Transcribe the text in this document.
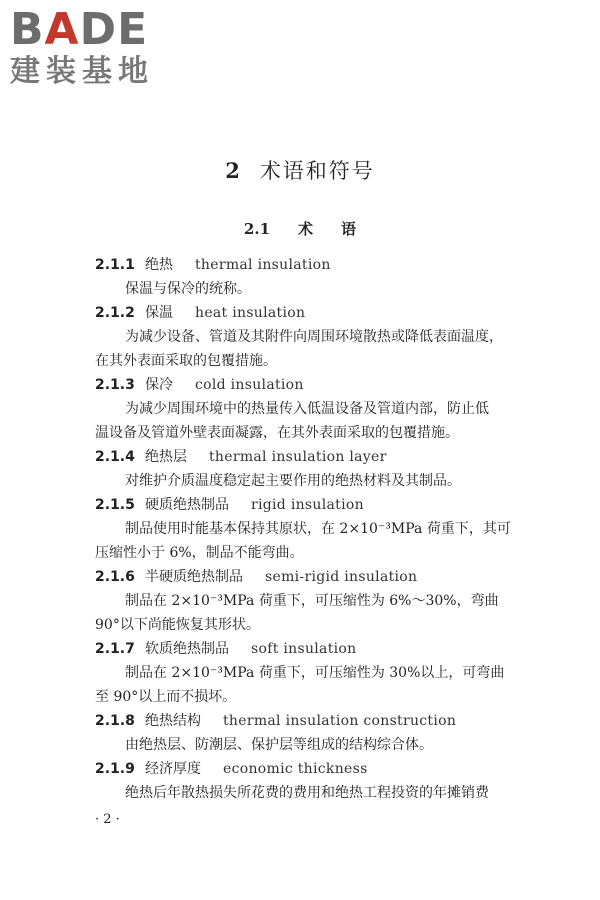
BADE
建装基地
2 术语和符号
2.1 术 语
2.1.1 绝热 thermal insulation
保温与保冷的统称。
2.1.2 保温 heat insulation
为减少设备、管道及其附件向周围环境散热或降低表面温度，
在其外表面采取的包覆措施。
2.1.3 保冷 cold insulation
为减少周围环境中的热量传入低温设备及管道内部，防止低
温设备及管道外壁表面凝露，在其外表面采取的包覆措施。
2.1.4 绝热层 thermal insulation layer
对维护介质温度稳定起主要作用的绝热材料及其制品。
2.1.5 硬质绝热制品 rigid insulation
制品使用时能基本保持其原状，在 2×10⁻³MPa 荷重下，其可
压缩性小于 6%，制品不能弯曲。
2.1.6 半硬质绝热制品 semi-rigid insulation
制品在 2×10⁻³MPa 荷重下，可压缩性为 6%～30%，弯曲
90°以下尚能恢复其形状。
2.1.7 软质绝热制品 soft insulation
制品在 2×10⁻³MPa 荷重下，可压缩性为 30%以上，可弯曲
至 90°以上而不损坏。
2.1.8 绝热结构 thermal insulation construction
由绝热层、防潮层、保护层等组成的结构综合体。
2.1.9 经济厚度 economic thickness
绝热后年散热损失所花费的费用和绝热工程投资的年摊销费
· 2 ·
